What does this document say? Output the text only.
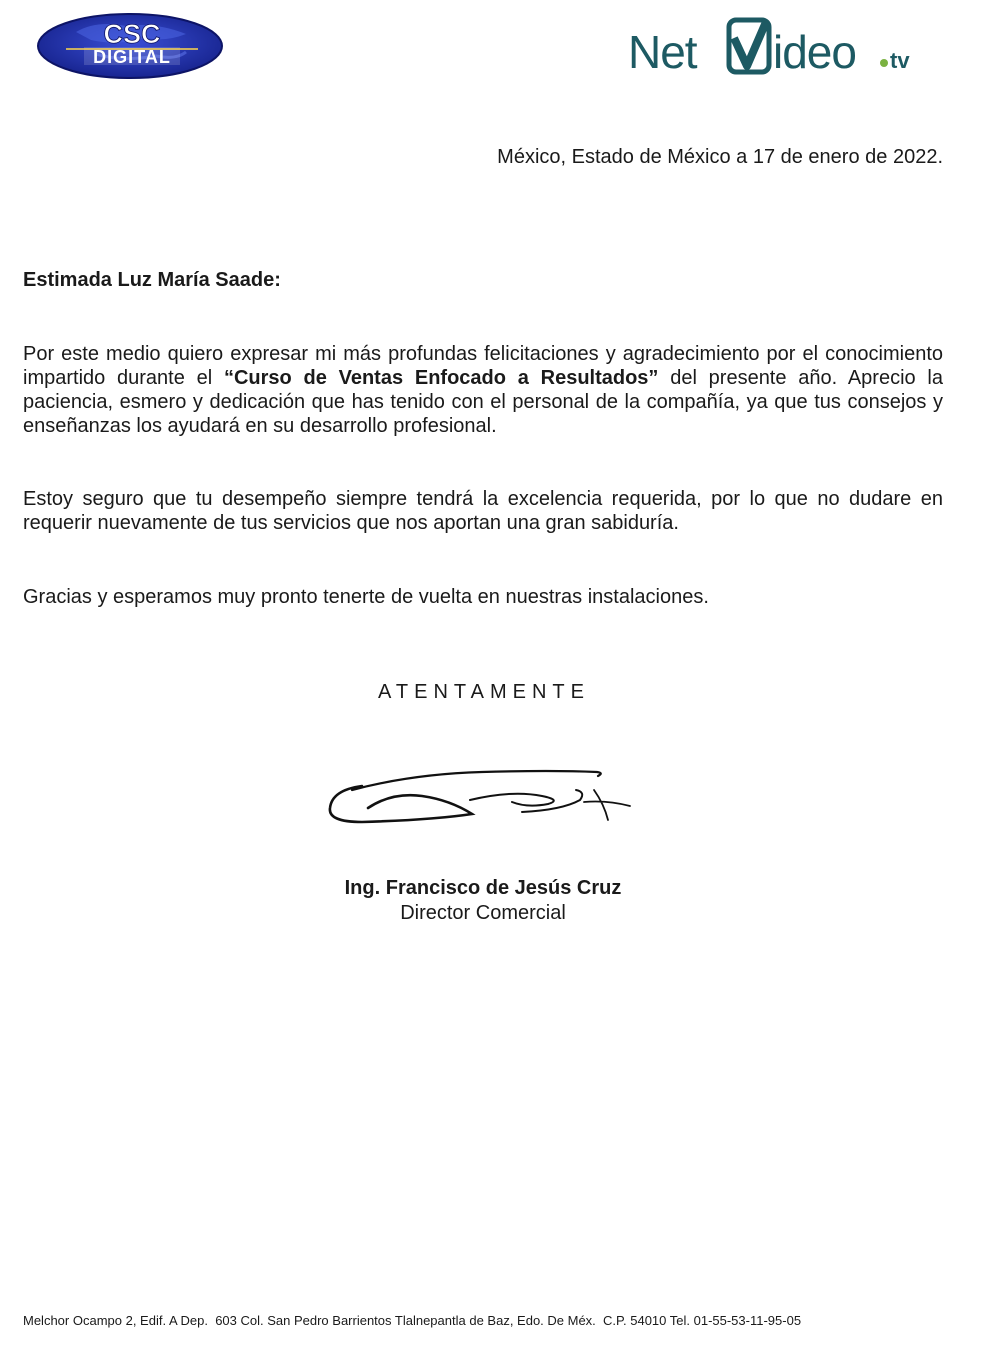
CSC
DIGITAL	Net ideo tv
México, Estado de México a 17 de enero de 2022.
Estimada Luz María Saade:

Por este medio quiero expresar mi más profundas felicitaciones y agradecimiento por el conocimiento impartido durante el “Curso de Ventas Enfocado a Resultados” del presente año. Aprecio la paciencia, esmero y dedicación que has tenido con el personal de la compañía, ya que tus consejos y enseñanzas los ayudará en su desarrollo profesional.

Estoy seguro que tu desempeño siempre tendrá la excelencia requerida, por lo que no dudare en requerir nuevamente de tus servicios que nos aportan una gran sabiduría.

Gracias y esperamos muy pronto tenerte de vuelta en nuestras instalaciones.

ATENTAMENTE
Ing. Francisco de Jesús Cruz
Director Comercial
Melchor Ocampo 2, Edif. A Dep.  603 Col. San Pedro Barrientos Tlalnepantla de Baz, Edo. De Méx.  C.P. 54010 Tel. 01-55-53-11-95-05
